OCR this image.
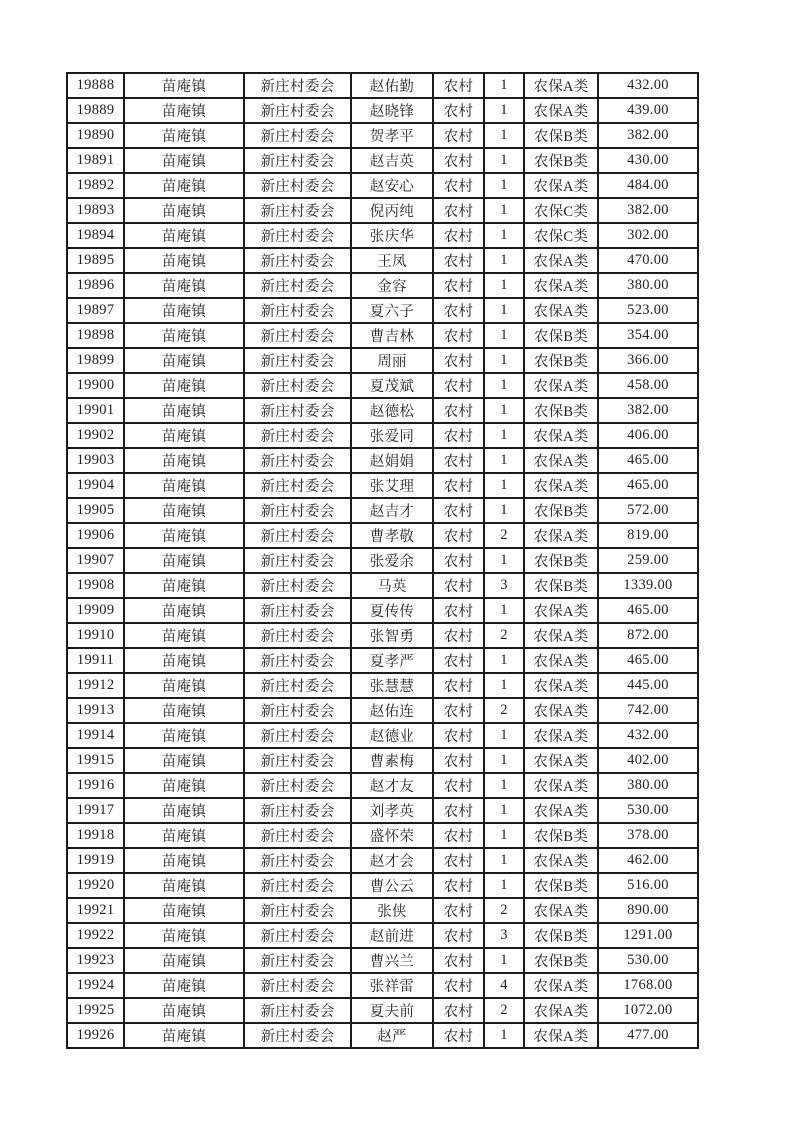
19888	苗庵镇	新庄村委会	赵佑勤	农村	1	农保A类	432.00
19889	苗庵镇	新庄村委会	赵晓锋	农村	1	农保A类	439.00
19890	苗庵镇	新庄村委会	贺孝平	农村	1	农保B类	382.00
19891	苗庵镇	新庄村委会	赵吉英	农村	1	农保B类	430.00
19892	苗庵镇	新庄村委会	赵安心	农村	1	农保A类	484.00
19893	苗庵镇	新庄村委会	倪丙纯	农村	1	农保C类	382.00
19894	苗庵镇	新庄村委会	张庆华	农村	1	农保C类	302.00
19895	苗庵镇	新庄村委会	王凤	农村	1	农保A类	470.00
19896	苗庵镇	新庄村委会	金容	农村	1	农保A类	380.00
19897	苗庵镇	新庄村委会	夏六子	农村	1	农保A类	523.00
19898	苗庵镇	新庄村委会	曹吉林	农村	1	农保B类	354.00
19899	苗庵镇	新庄村委会	周丽	农村	1	农保B类	366.00
19900	苗庵镇	新庄村委会	夏茂斌	农村	1	农保A类	458.00
19901	苗庵镇	新庄村委会	赵德松	农村	1	农保B类	382.00
19902	苗庵镇	新庄村委会	张爱同	农村	1	农保A类	406.00
19903	苗庵镇	新庄村委会	赵娟娟	农村	1	农保A类	465.00
19904	苗庵镇	新庄村委会	张艾理	农村	1	农保A类	465.00
19905	苗庵镇	新庄村委会	赵吉才	农村	1	农保B类	572.00
19906	苗庵镇	新庄村委会	曹孝敬	农村	2	农保A类	819.00
19907	苗庵镇	新庄村委会	张爱余	农村	1	农保B类	259.00
19908	苗庵镇	新庄村委会	马英	农村	3	农保B类	1339.00
19909	苗庵镇	新庄村委会	夏传传	农村	1	农保A类	465.00
19910	苗庵镇	新庄村委会	张智勇	农村	2	农保A类	872.00
19911	苗庵镇	新庄村委会	夏孝严	农村	1	农保A类	465.00
19912	苗庵镇	新庄村委会	张慧慧	农村	1	农保A类	445.00
19913	苗庵镇	新庄村委会	赵佑连	农村	2	农保A类	742.00
19914	苗庵镇	新庄村委会	赵德业	农村	1	农保A类	432.00
19915	苗庵镇	新庄村委会	曹素梅	农村	1	农保A类	402.00
19916	苗庵镇	新庄村委会	赵才友	农村	1	农保A类	380.00
19917	苗庵镇	新庄村委会	刘孝英	农村	1	农保A类	530.00
19918	苗庵镇	新庄村委会	盛怀荣	农村	1	农保B类	378.00
19919	苗庵镇	新庄村委会	赵才会	农村	1	农保A类	462.00
19920	苗庵镇	新庄村委会	曹公云	农村	1	农保B类	516.00
19921	苗庵镇	新庄村委会	张侠	农村	2	农保A类	890.00
19922	苗庵镇	新庄村委会	赵前进	农村	3	农保B类	1291.00
19923	苗庵镇	新庄村委会	曹兴兰	农村	1	农保B类	530.00
19924	苗庵镇	新庄村委会	张祥雷	农村	4	农保A类	1768.00
19925	苗庵镇	新庄村委会	夏夫前	农村	2	农保A类	1072.00
19926	苗庵镇	新庄村委会	赵严	农村	1	农保A类	477.00
